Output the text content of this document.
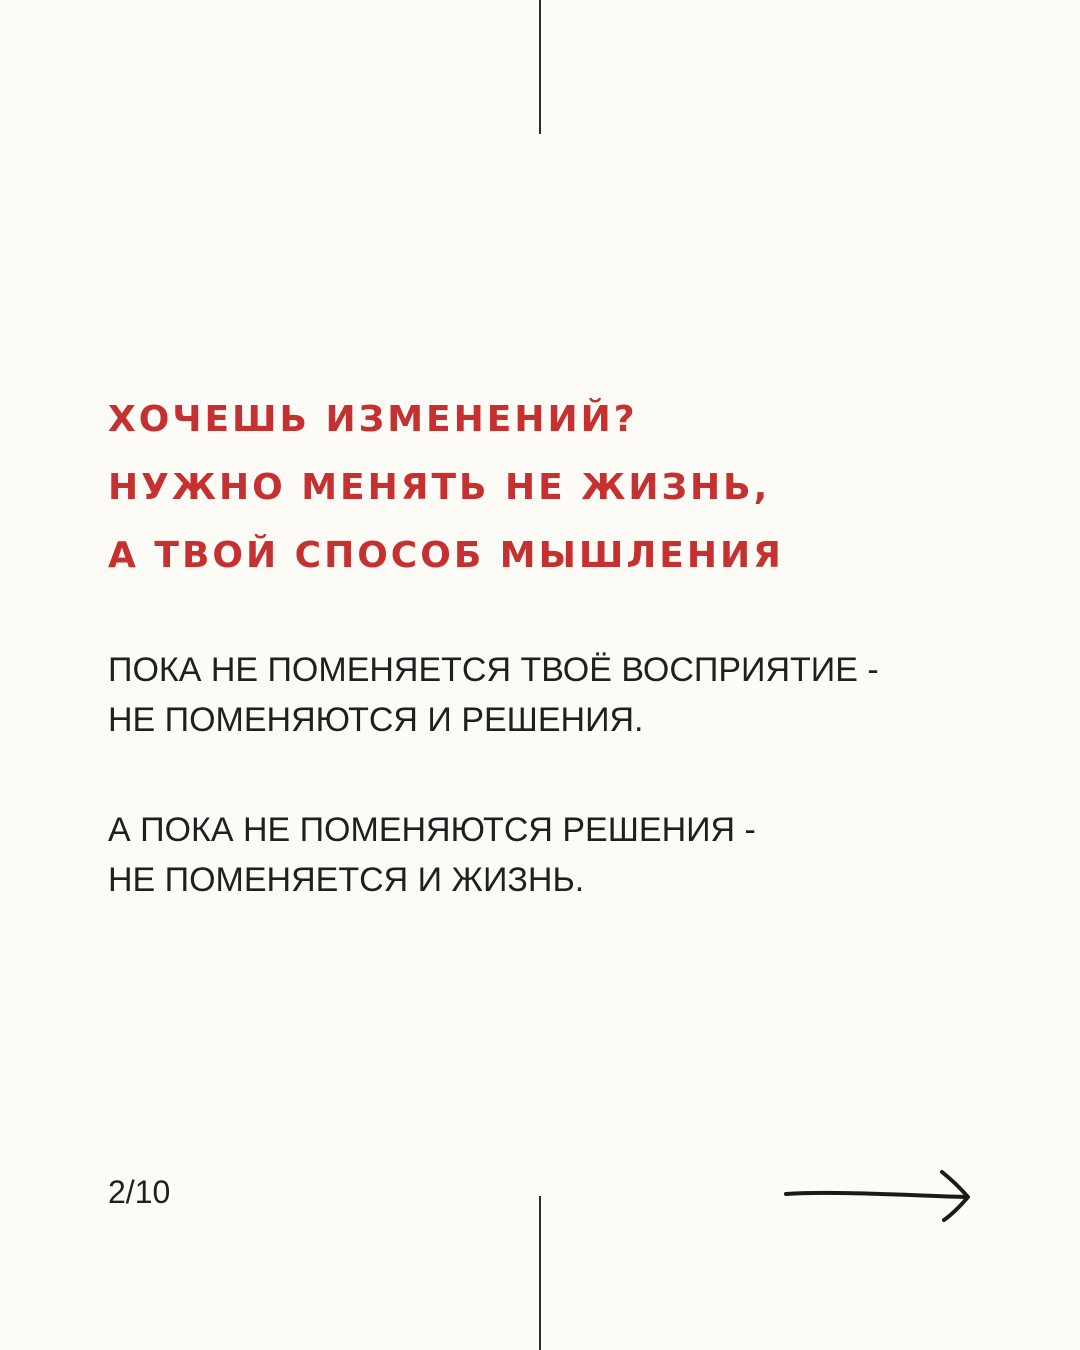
ХОЧЕШЬ ИЗМЕНЕНИЙ?
НУЖНО МЕНЯТЬ НЕ ЖИЗНЬ,
А ТВОЙ СПОСОБ МЫШЛЕНИЯ

ПОКА НЕ ПОМЕНЯЕТСЯ ТВОЁ ВОСПРИЯТИЕ -
НЕ ПОМЕНЯЮТСЯ И РЕШЕНИЯ.

А ПОКА НЕ ПОМЕНЯЮТСЯ РЕШЕНИЯ -
НЕ ПОМЕНЯЕТСЯ И ЖИЗНЬ.

2/10
